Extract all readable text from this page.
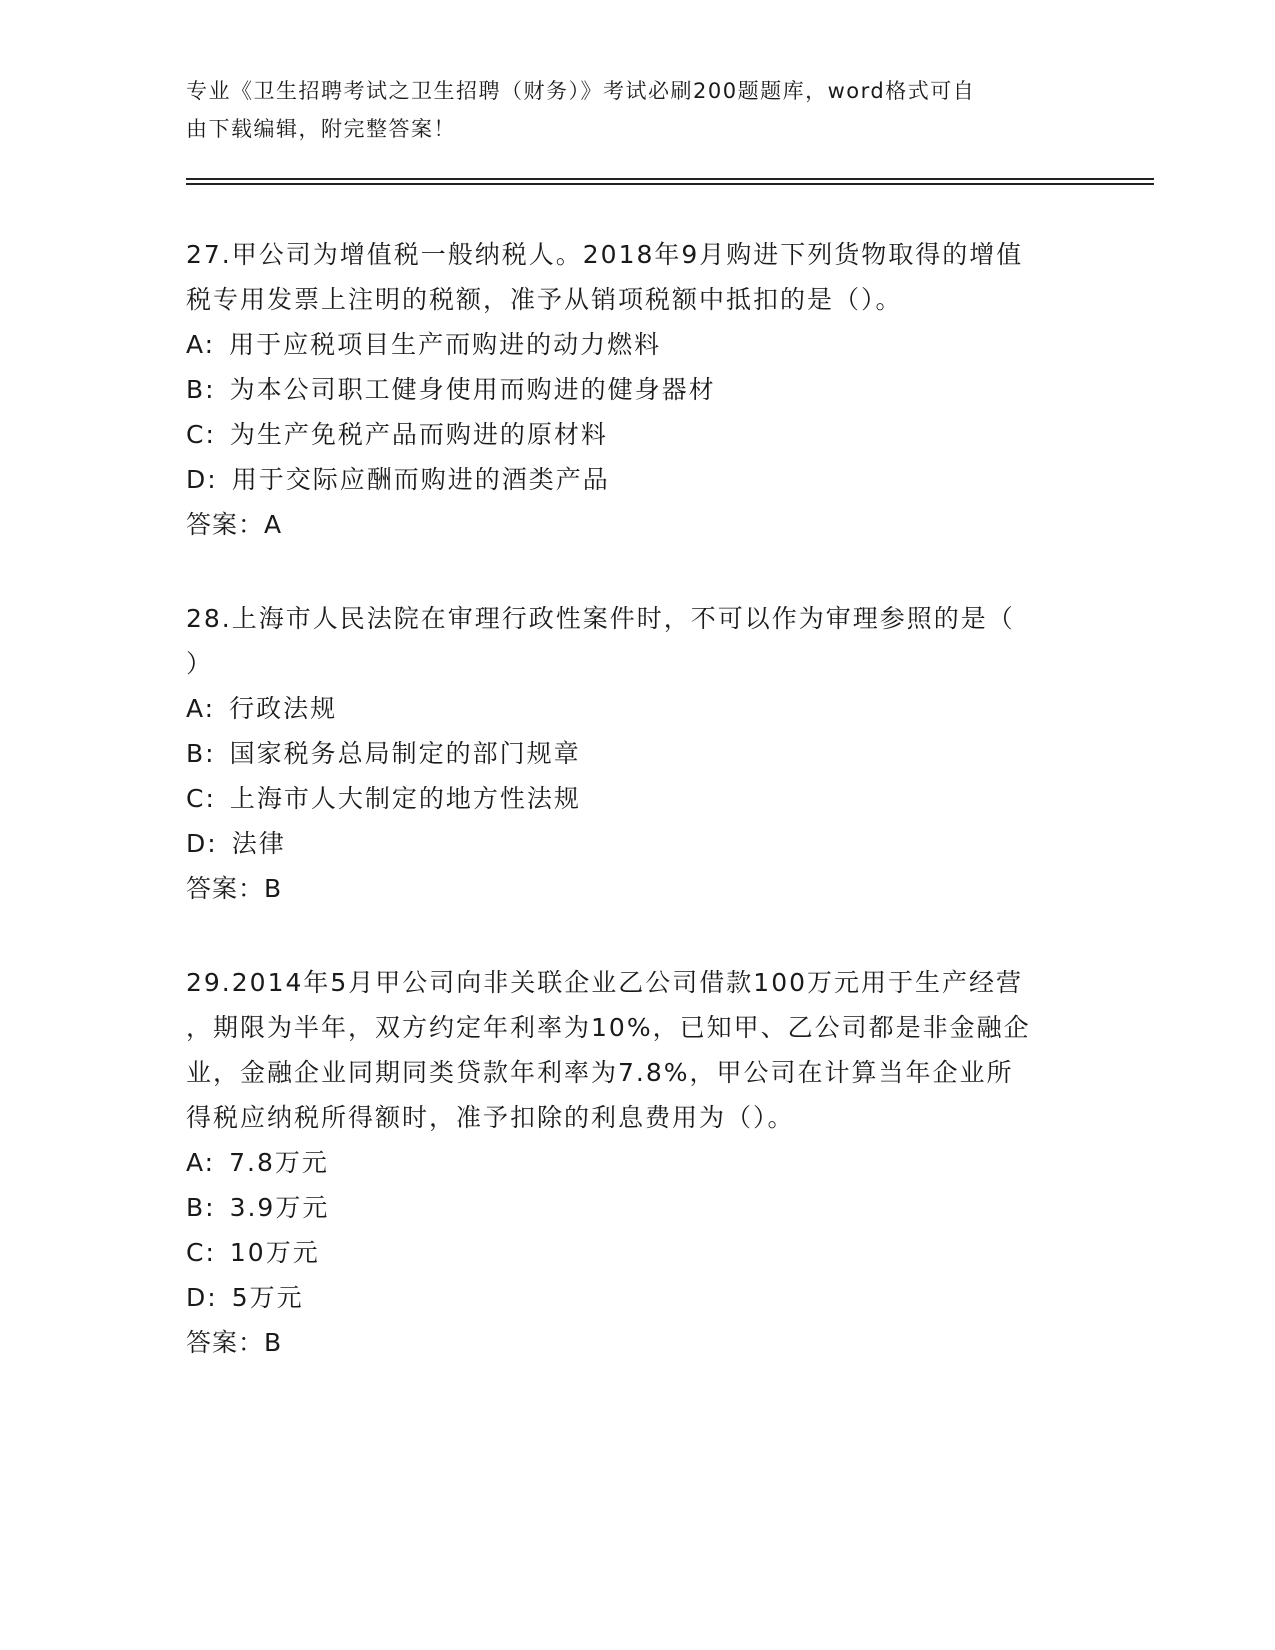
专业《卫生招聘考试之卫生招聘（财务）》考试必刷200题题库，word格式可自
由下载编辑，附完整答案！
27.甲公司为增值税一般纳税人。2018年9月购进下列货物取得的增值
税专用发票上注明的税额，准予从销项税额中抵扣的是（）。
A: 用于应税项目生产而购进的动力燃料
B: 为本公司职工健身使用而购进的健身器材
C: 为生产免税产品而购进的原材料
D: 用于交际应酬而购进的酒类产品
答案：A
28.上海市人民法院在审理行政性案件时，不可以作为审理参照的是（
）
A: 行政法规
B: 国家税务总局制定的部门规章
C: 上海市人大制定的地方性法规
D: 法律
答案：B
29.2014年5月甲公司向非关联企业乙公司借款100万元用于生产经营
，期限为半年，双方约定年利率为10%，已知甲、乙公司都是非金融企
业，金融企业同期同类贷款年利率为7.8%，甲公司在计算当年企业所
得税应纳税所得额时，准予扣除的利息费用为（）。
A: 7.8万元
B: 3.9万元
C: 10万元
D: 5万元
答案：B
